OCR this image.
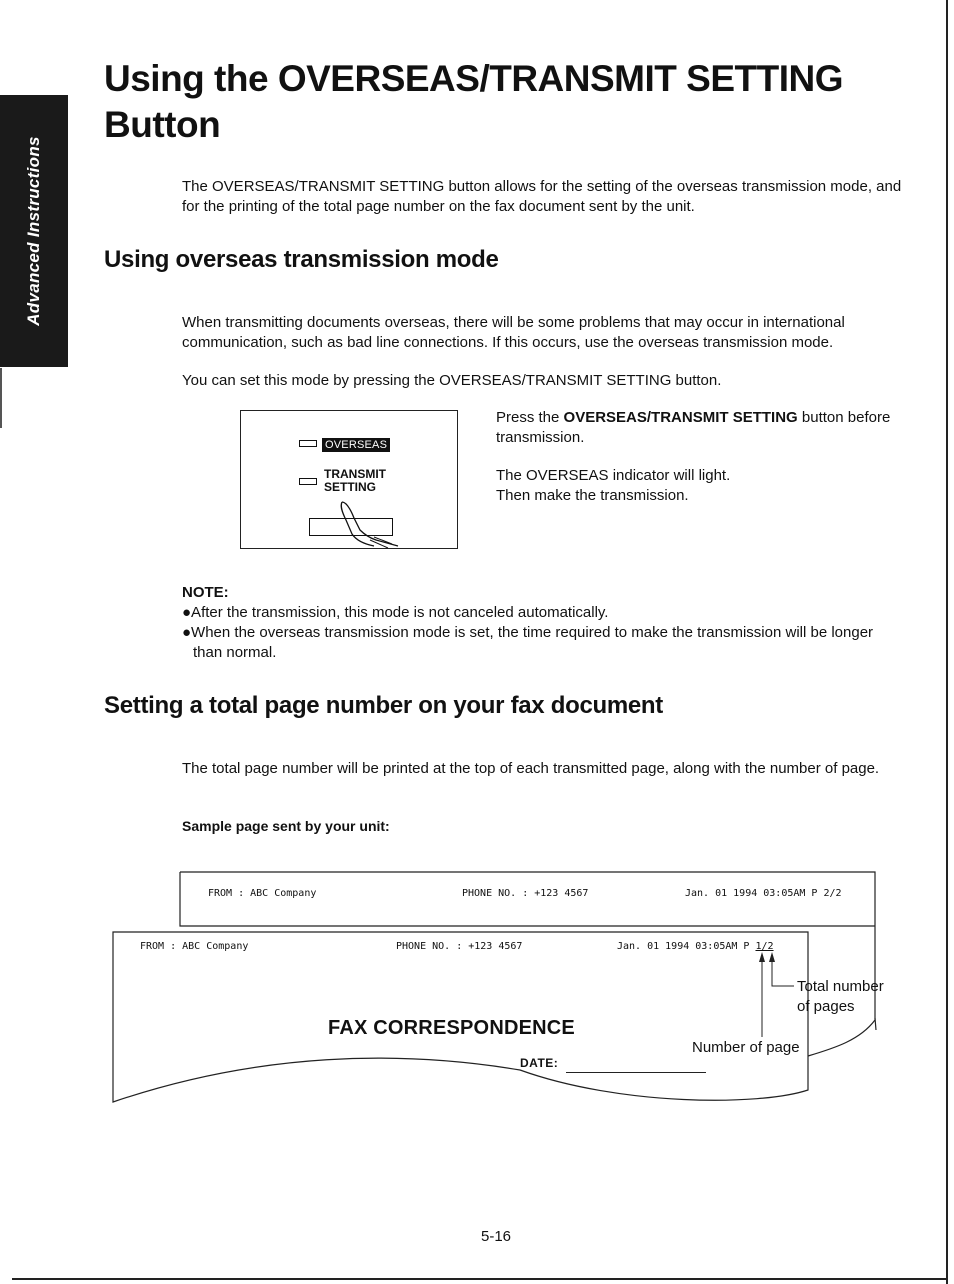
Advanced Instructions
Using the OVERSEAS/TRANSMIT SETTING Button

The OVERSEAS/TRANSMIT SETTING button allows for the setting of the overseas transmission mode, and for the printing of the total page number on the fax document sent by the unit.

Using overseas transmission mode

When transmitting documents overseas, there will be some problems that may occur in international communication, such as bad line connections. If this occurs, use the overseas transmission mode.

You can set this mode by pressing the OVERSEAS/TRANSMIT SETTING button.

OVERSEAS
TRANSMIT
SETTING

Press the OVERSEAS/TRANSMIT SETTING button before transmission.

The OVERSEAS indicator will light.

Then make the transmission.

NOTE:

●After the transmission, this mode is not canceled automatically.
●When the overseas transmission mode is set, the time required to make the transmission will be longer than normal.
Setting a total page number on your fax document

The total page number will be printed at the top of each transmitted page, along with the number of page.

Sample page sent by your unit:

FROM : ABC Company	PHONE NO. : +123 4567	Jan. 01 1994 03:05AM P 2/2
FROM : ABC Company	PHONE NO. : +123 4567	Jan. 01 1994 03:05AM P 1/2

FAX CORRESPONDENCE

DATE:

Total number
of pages

Number of page

5-16
